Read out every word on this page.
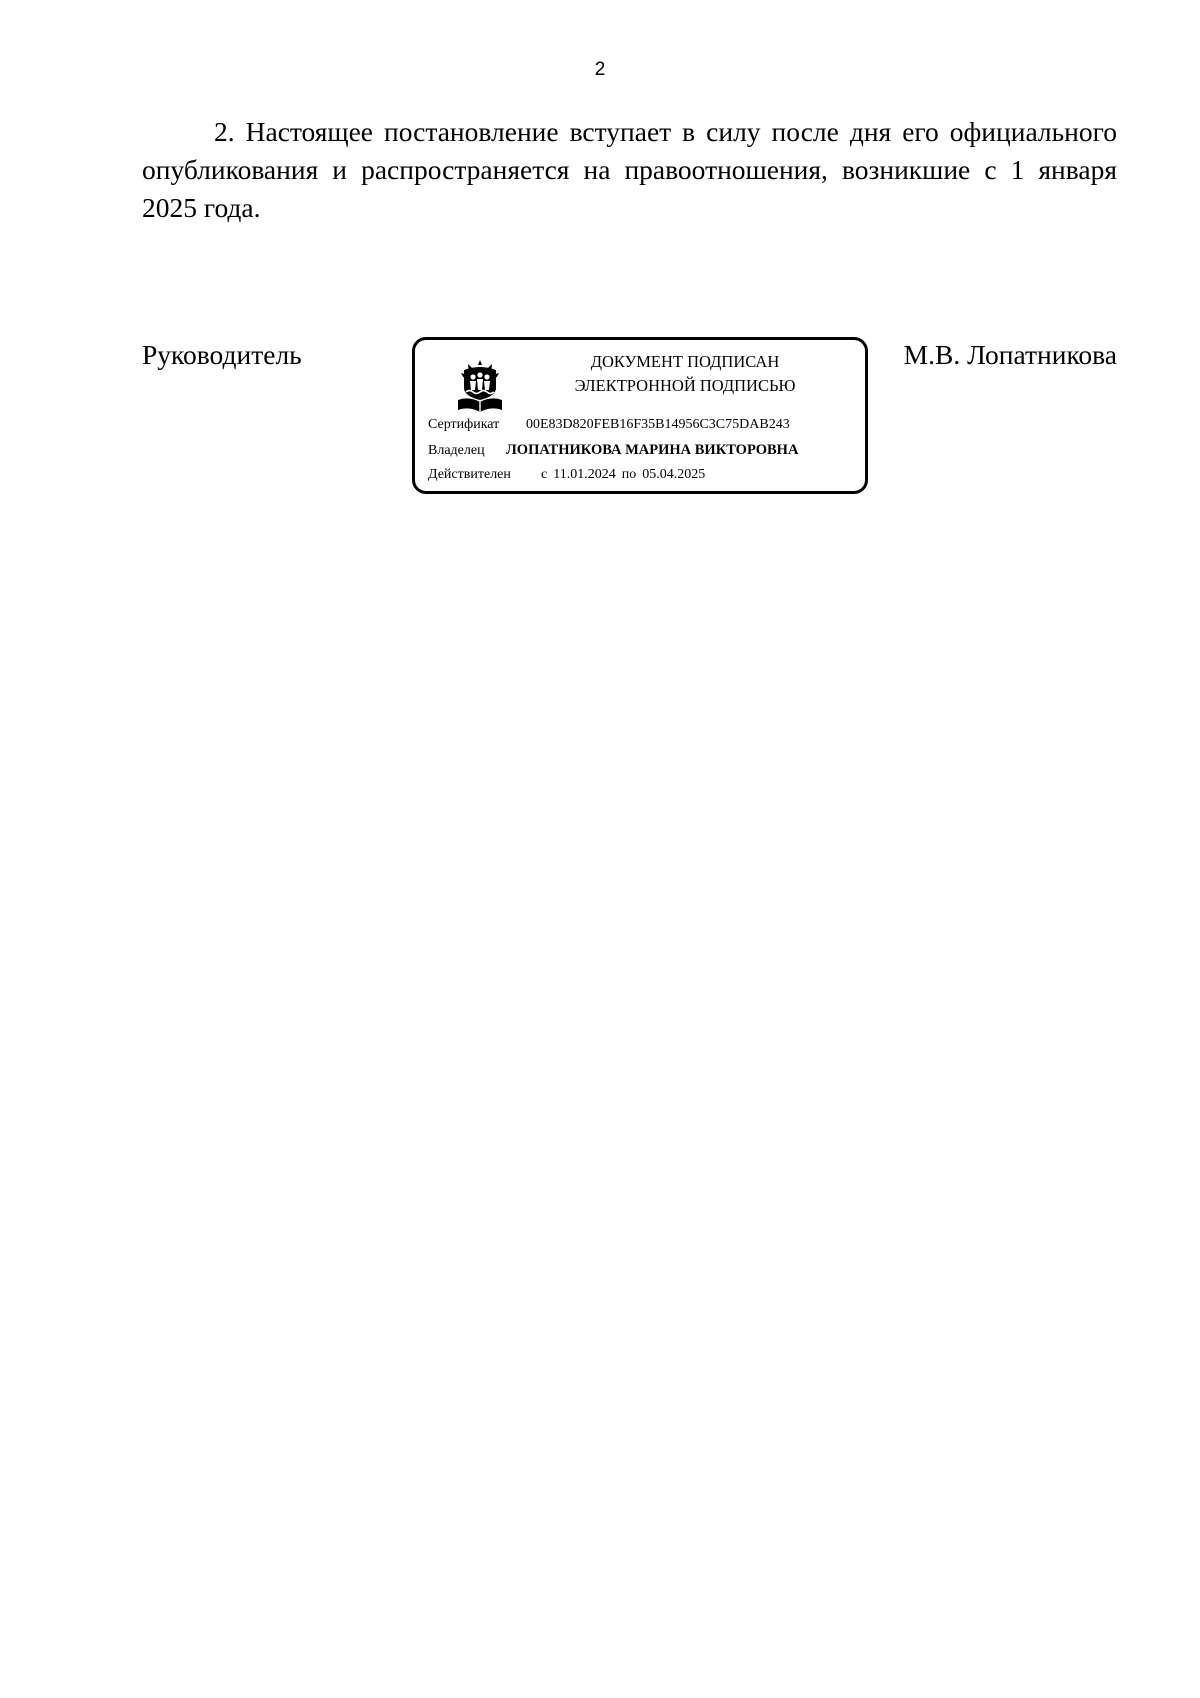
2

2. Настоящее постановление вступает в силу после дня его официального опубликования и распространяется на правоотношения, возникшие с 1 января 2025 года.

Руководитель	ДОКУМЕНТ ПОДПИСАН
ЭЛЕКТРОННОЙ ПОДПИСЬЮ
Сертификат 00E83D820FEB16F35B14956C3C75DAB243
Владелец ЛОПАТНИКОВА МАРИНА ВИКТОРОВНА
Действителен с 11.01.2024 по 05.04.2025
М.В. Лопатникова
